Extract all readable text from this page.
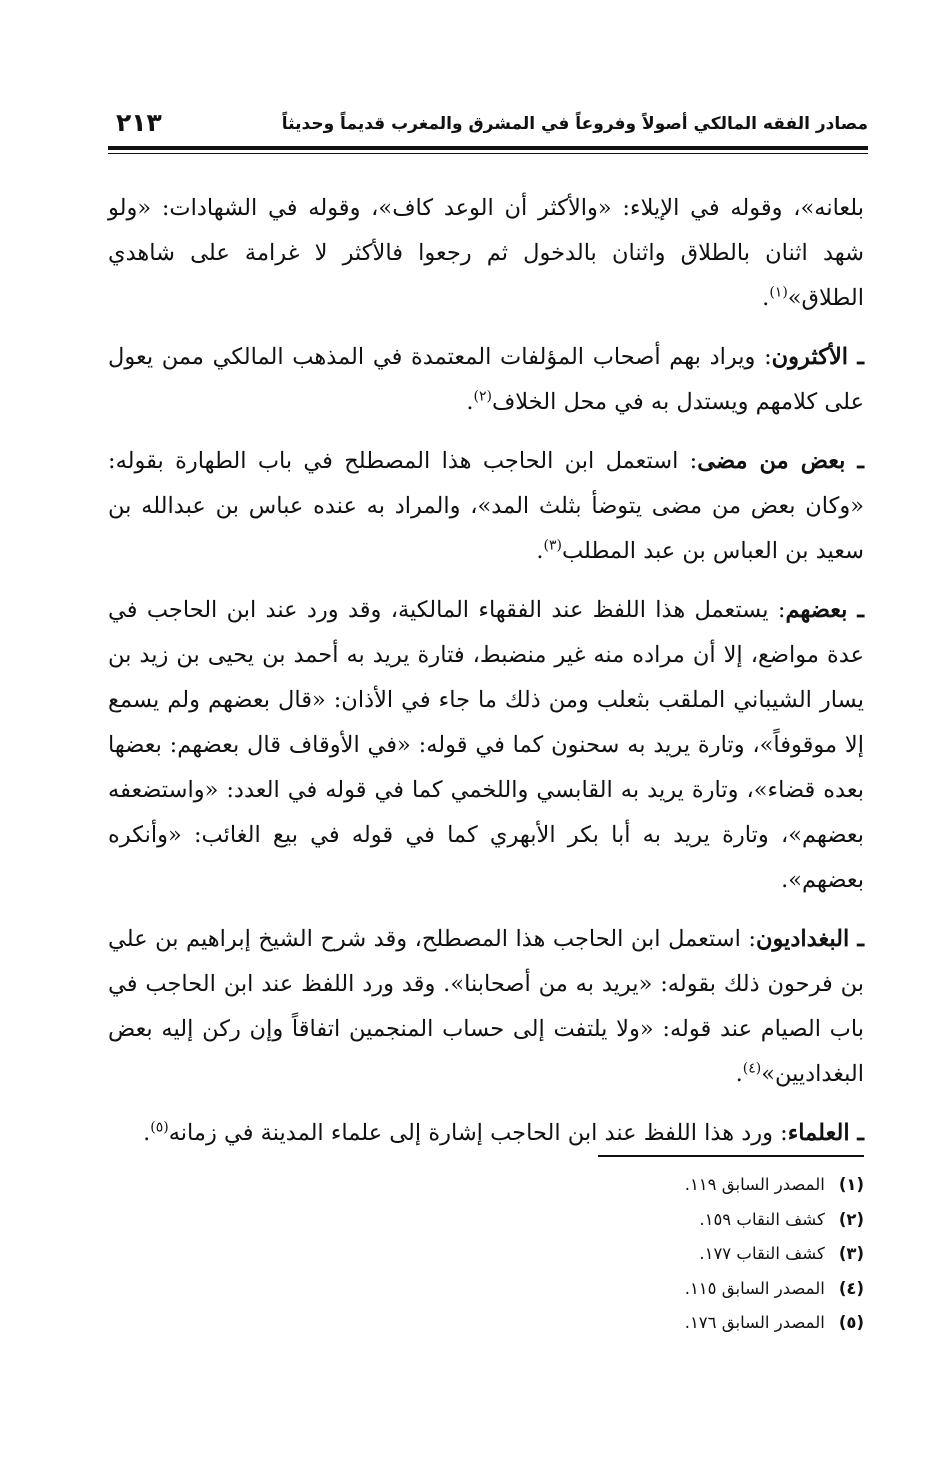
مصادر الفقه المالكي أصولاً وفروعاً في المشرق والمغرب قديماً وحديثاً
٢١٣

بلعانه»، وقوله في الإيلاء: «والأكثر أن الوعد كاف»، وقوله في الشهادات: «ولو شهد اثنان بالطلاق واثنان بالدخول ثم رجعوا فالأكثر لا غرامة على شاهدي الطلاق»$^{(١)}$.

ـ الأكثرون: ويراد بهم أصحاب المؤلفات المعتمدة في المذهب المالكي ممن يعول على كلامهم ويستدل به في محل الخلاف$^{(٢)}$.

ـ بعض من مضى: استعمل ابن الحاجب هذا المصطلح في باب الطهارة بقوله: «وكان بعض من مضى يتوضأ بثلث المد»، والمراد به عنده عباس بن عبدالله بن سعيد بن العباس بن عبد المطلب$^{(٣)}$.

ـ بعضهم: يستعمل هذا اللفظ عند الفقهاء المالكية، وقد ورد عند ابن الحاجب في عدة مواضع، إلا أن مراده منه غير منضبط، فتارة يريد به أحمد بن يحيى بن زيد بن يسار الشيباني الملقب بثعلب ومن ذلك ما جاء في الأذان: «قال بعضهم ولم يسمع إلا موقوفاً»، وتارة يريد به سحنون كما في قوله: «في الأوقاف قال بعضهم: بعضها بعده قضاء»، وتارة يريد به القابسي واللخمي كما في قوله في العدد: «واستضعفه بعضهم»، وتارة يريد به أبا بكر الأبهري كما في قوله في بيع الغائب: «وأنكره بعضهم».

ـ البغداديون: استعمل ابن الحاجب هذا المصطلح، وقد شرح الشيخ إبراهيم بن علي بن فرحون ذلك بقوله: «يريد به من أصحابنا». وقد ورد اللفظ عند ابن الحاجب في باب الصيام عند قوله: «ولا يلتفت إلى حساب المنجمين اتفاقاً وإن ركن إليه بعض البغداديين»$^{(٤)}$.

ـ العلماء: ورد هذا اللفظ عند ابن الحاجب إشارة إلى علماء المدينة في زمانه$^{(٥)}$.

(١)المصدر السابق ١١٩.
(٢)كشف النقاب ١٥٩.
(٣)كشف النقاب ١٧٧.
(٤)المصدر السابق ١١٥.
(٥)المصدر السابق ١٧٦.
